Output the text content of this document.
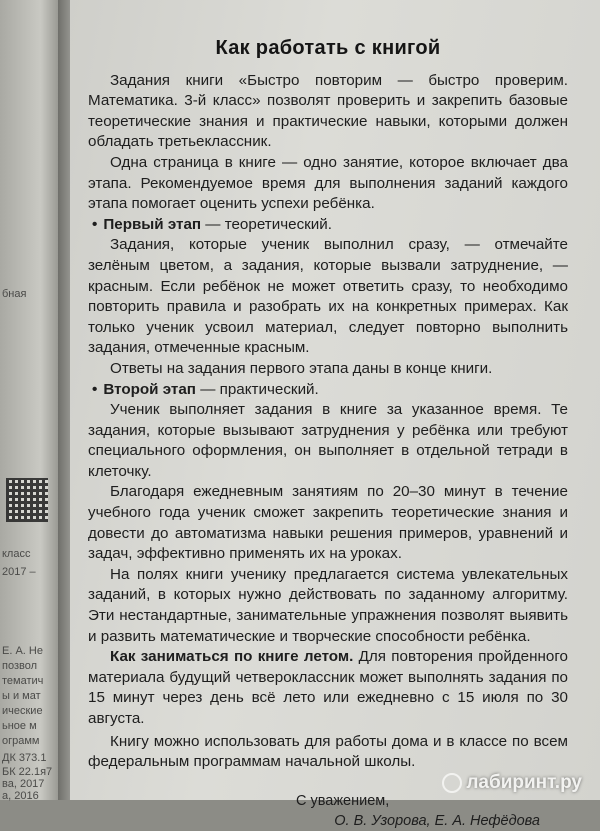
бная
класс
2017 –
Е. А. Не
позвол
тематич
ы и мат
ические
ьное м
ограмм
ДК 373.1
БК 22.1я7
ва, 2017
а, 2016
Как работать с книгой

Задания книги «Быстро повторим — быстро проверим. Математика. 3-й класс» позволят проверить и закрепить базовые теоретические знания и практические навыки, которыми должен обладать третьеклассник.

Одна страница в книге — одно занятие, которое включает два этапа. Рекомендуемое время для выполнения заданий каждого этапа помогает оценить успехи ребёнка.

• Первый этап — теоретический.

Задания, которые ученик выполнил сразу, — отмечайте зелёным цветом, а задания, которые вызвали затруднение, — красным. Если ребёнок не может ответить сразу, то необходимо повторить правила и разобрать их на конкретных примерах. Как только ученик усвоил материал, следует повторно выполнить задания, отмеченные красным.

Ответы на задания первого этапа даны в конце книги.

• Второй этап — практический.

Ученик выполняет задания в книге за указанное время. Те задания, которые вызывают затруднения у ребёнка или требуют специального оформления, он выполняет в отдельной тетради в клеточку.

Благодаря ежедневным занятиям по 20–30 минут в течение учебного года ученик сможет закрепить теоретические знания и довести до автоматизма навыки решения примеров, уравнений и задач, эффективно применять их на уроках.

На полях книги ученику предлагается система увлекательных заданий, в которых нужно действовать по заданному алгоритму. Эти нестандартные, занимательные упражнения позволят выявить и развить математические и творческие способности ребёнка.

Как заниматься по книге летом. Для повторения пройденного материала будущий четвероклассник может выполнять задания по 15 минут через день всё лето или ежедневно с 15 июля по 30 августа.

Книгу можно использовать для работы дома и в классе по всем федеральным программам начальной школы.

С уважением,
О. В. Узорова, Е. А. Нефёдова
лабиринт.ру
